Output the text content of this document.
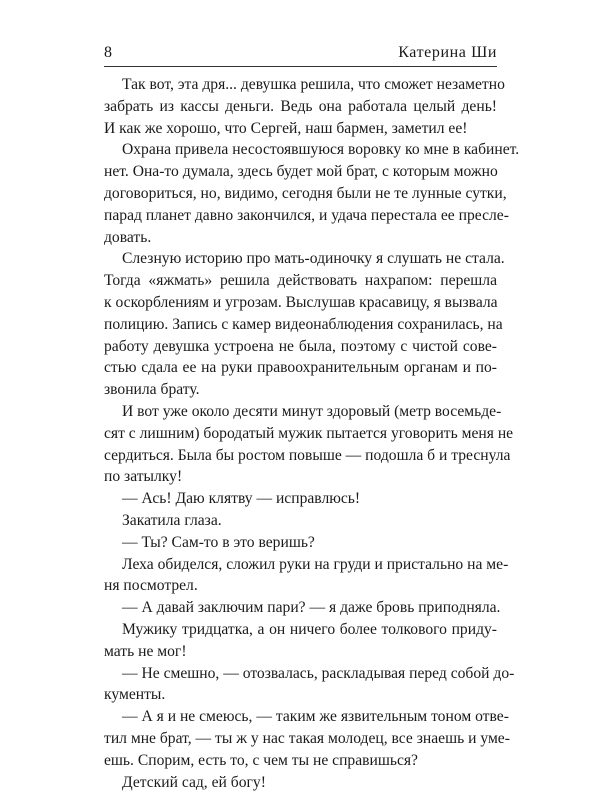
8	Катерина Ши
Так вот, эта дря... девушка решила, что сможет незаметно
забрать из кассы деньги. Ведь она работала целый день!
И как же хорошо, что Сергей, наш бармен, заметил ее!
Охрана привела несостоявшуюся воровку ко мне в кабинет.
нет. Она-то думала, здесь будет мой брат, с которым можно
договориться, но, видимо, сегодня были не те лунные сутки,
парад планет давно закончился, и удача перестала ее пресле-
довать.
Слезную историю про мать-одиночку я слушать не стала.
Тогда «яжмать» решила действовать нахрапом: перешла
к оскорблениям и угрозам. Выслушав красавицу, я вызвала
полицию. Запись с камер видеонаблюдения сохранилась, на
работу девушка устроена не была, поэтому с чистой сове-
стью сдала ее на руки правоохранительным органам и по-
звонила брату.
И вот уже около десяти минут здоровый (метр восемьде-
сят с лишним) бородатый мужик пытается уговорить меня не
сердиться. Была бы ростом повыше — подошла б и треснула
по затылку!
— Ась! Даю клятву — исправлюсь!
Закатила глаза.
— Ты? Сам-то в это веришь?
Леха обиделся, сложил руки на груди и пристально на ме-
ня посмотрел.
— А давай заключим пари? — я даже бровь приподняла.
Мужику тридцатка, а он ничего более толкового приду-
мать не мог!
— Не смешно, — отозвалась, раскладывая перед собой до-
кументы.
— А я и не смеюсь, — таким же язвительным тоном отве-
тил мне брат, — ты ж у нас такая молодец, все знаешь и уме-
ешь. Спорим, есть то, с чем ты не справишься?
Детский сад, ей богу!
